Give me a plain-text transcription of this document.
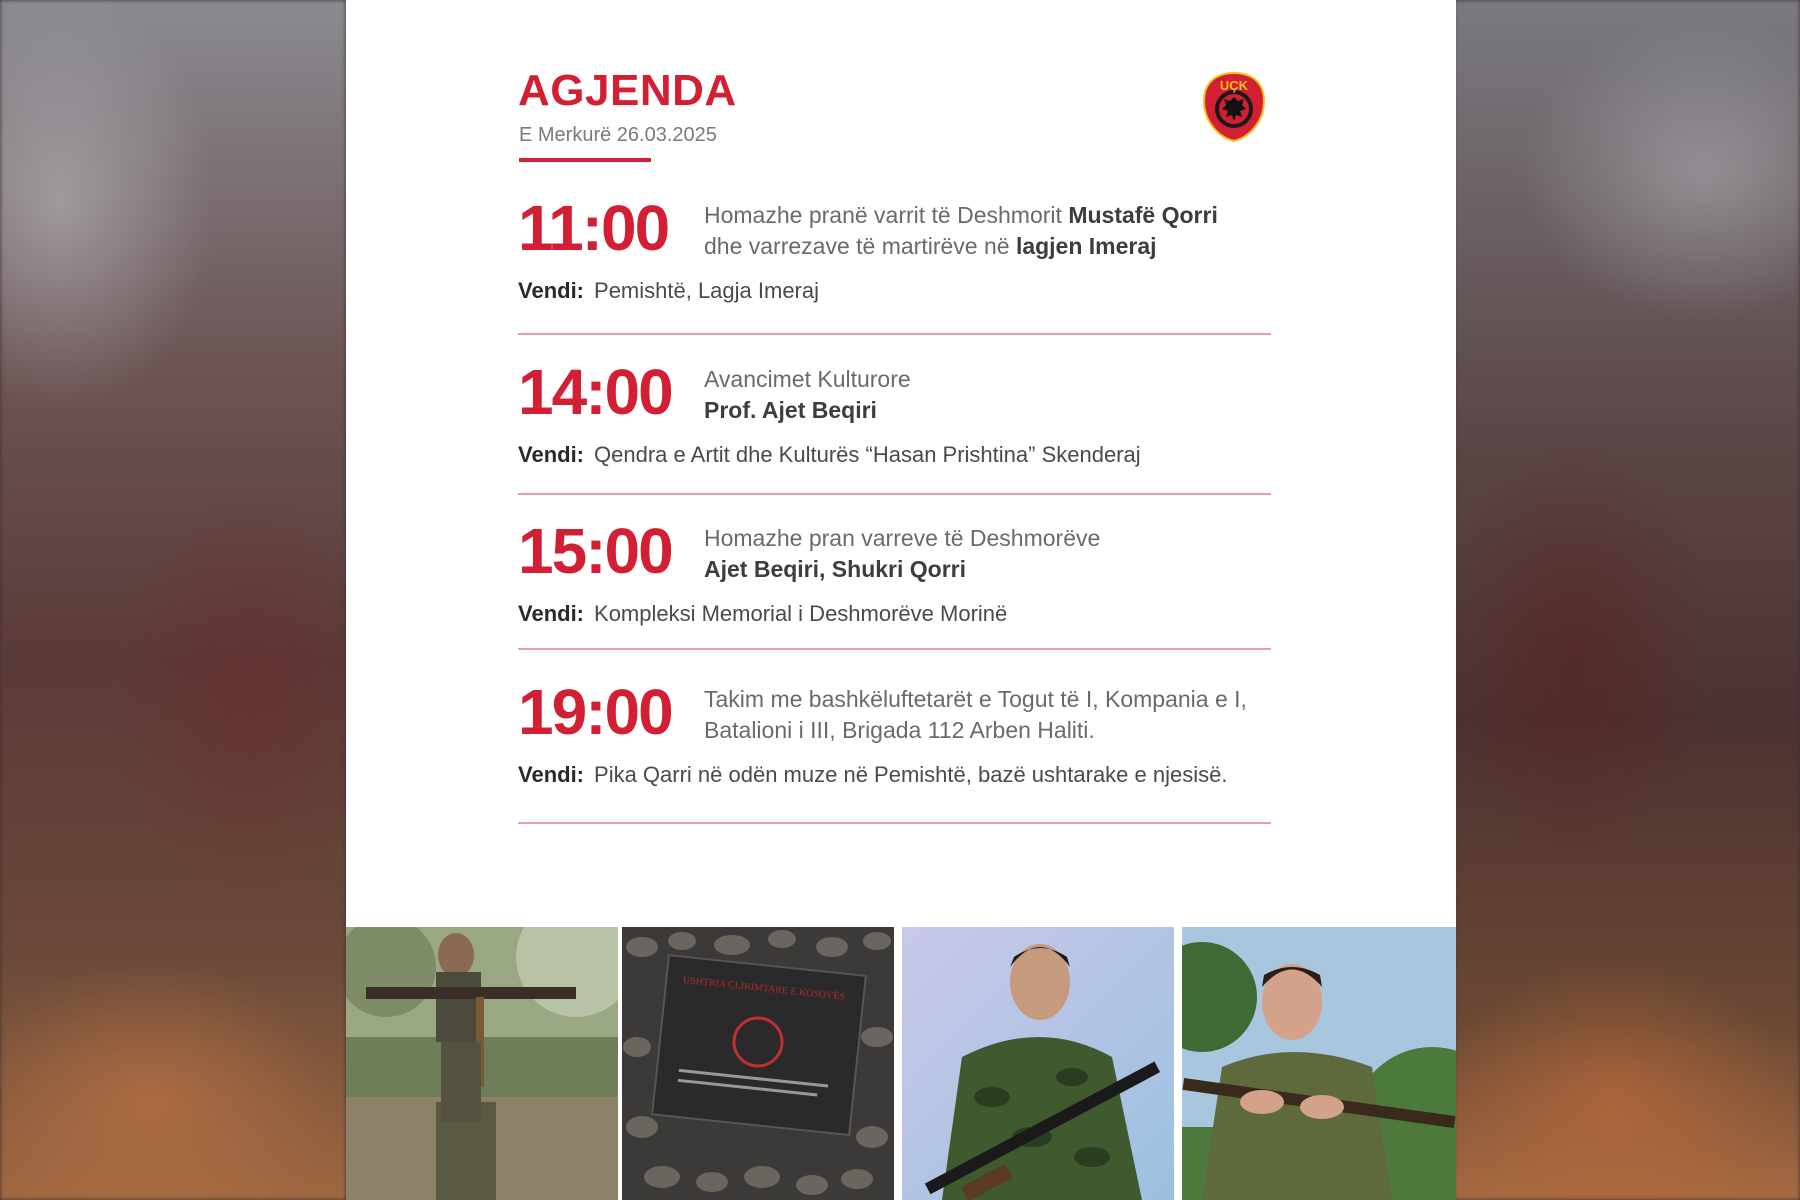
AGJENDA
E Merkurë 26.03.2025
UÇK
11:00 Homazhe pranë varrit të Deshmorit Mustafë Qorri
dhe varrezave të martirëve në lagjen Imeraj
Vendi: Pemishtë, Lagja Imeraj
14:00 Avancimet Kulturore
Prof. Ajet Beqiri
Vendi: Qendra e Artit dhe Kulturës “Hasan Prishtina” Skenderaj
15:00 Homazhe pran varreve të Deshmorëve
Ajet Beqiri, Shukri Qorri
Vendi: Kompleksi Memorial i Deshmorëve Morinë
19:00 Takim me bashkëluftetarët e Togut të I, Kompania e I,
Batalioni i III, Brigada 112 Arben Haliti.
Vendi: Pika Qarri në odën muze në Pemishtë, bazë ushtarake e njesisë.
USHTRIA ÇLIRIMTARE E KOSOVËS
